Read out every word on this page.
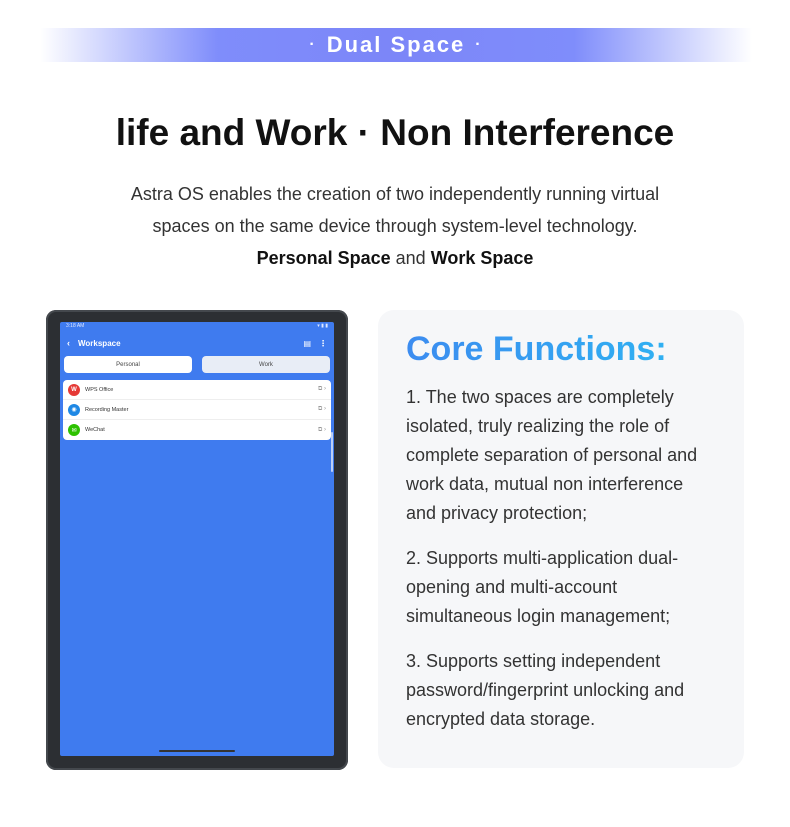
· Dual Space ·
life and Work · Non Interference
Astra OS enables the creation of two independently running virtual
spaces on the same device through system-level technology.
Personal Space and Work Space
3:18 AM	▾ ▮ ▮
‹ Workspace	▤ ⋮
Personal	Work
W	WPS Office	⧉ ›
◉	Recording Master	⧉ ›
✉	WeChat	⧉ ›
Core Functions:
1. The two spaces are completely isolated, truly realizing the role of complete separation of personal and work data, mutual non interference and privacy protection;
2. Supports multi-application dual-opening and multi-account simultaneous login management;
3. Supports setting independent password/fingerprint unlocking and encrypted data storage.
